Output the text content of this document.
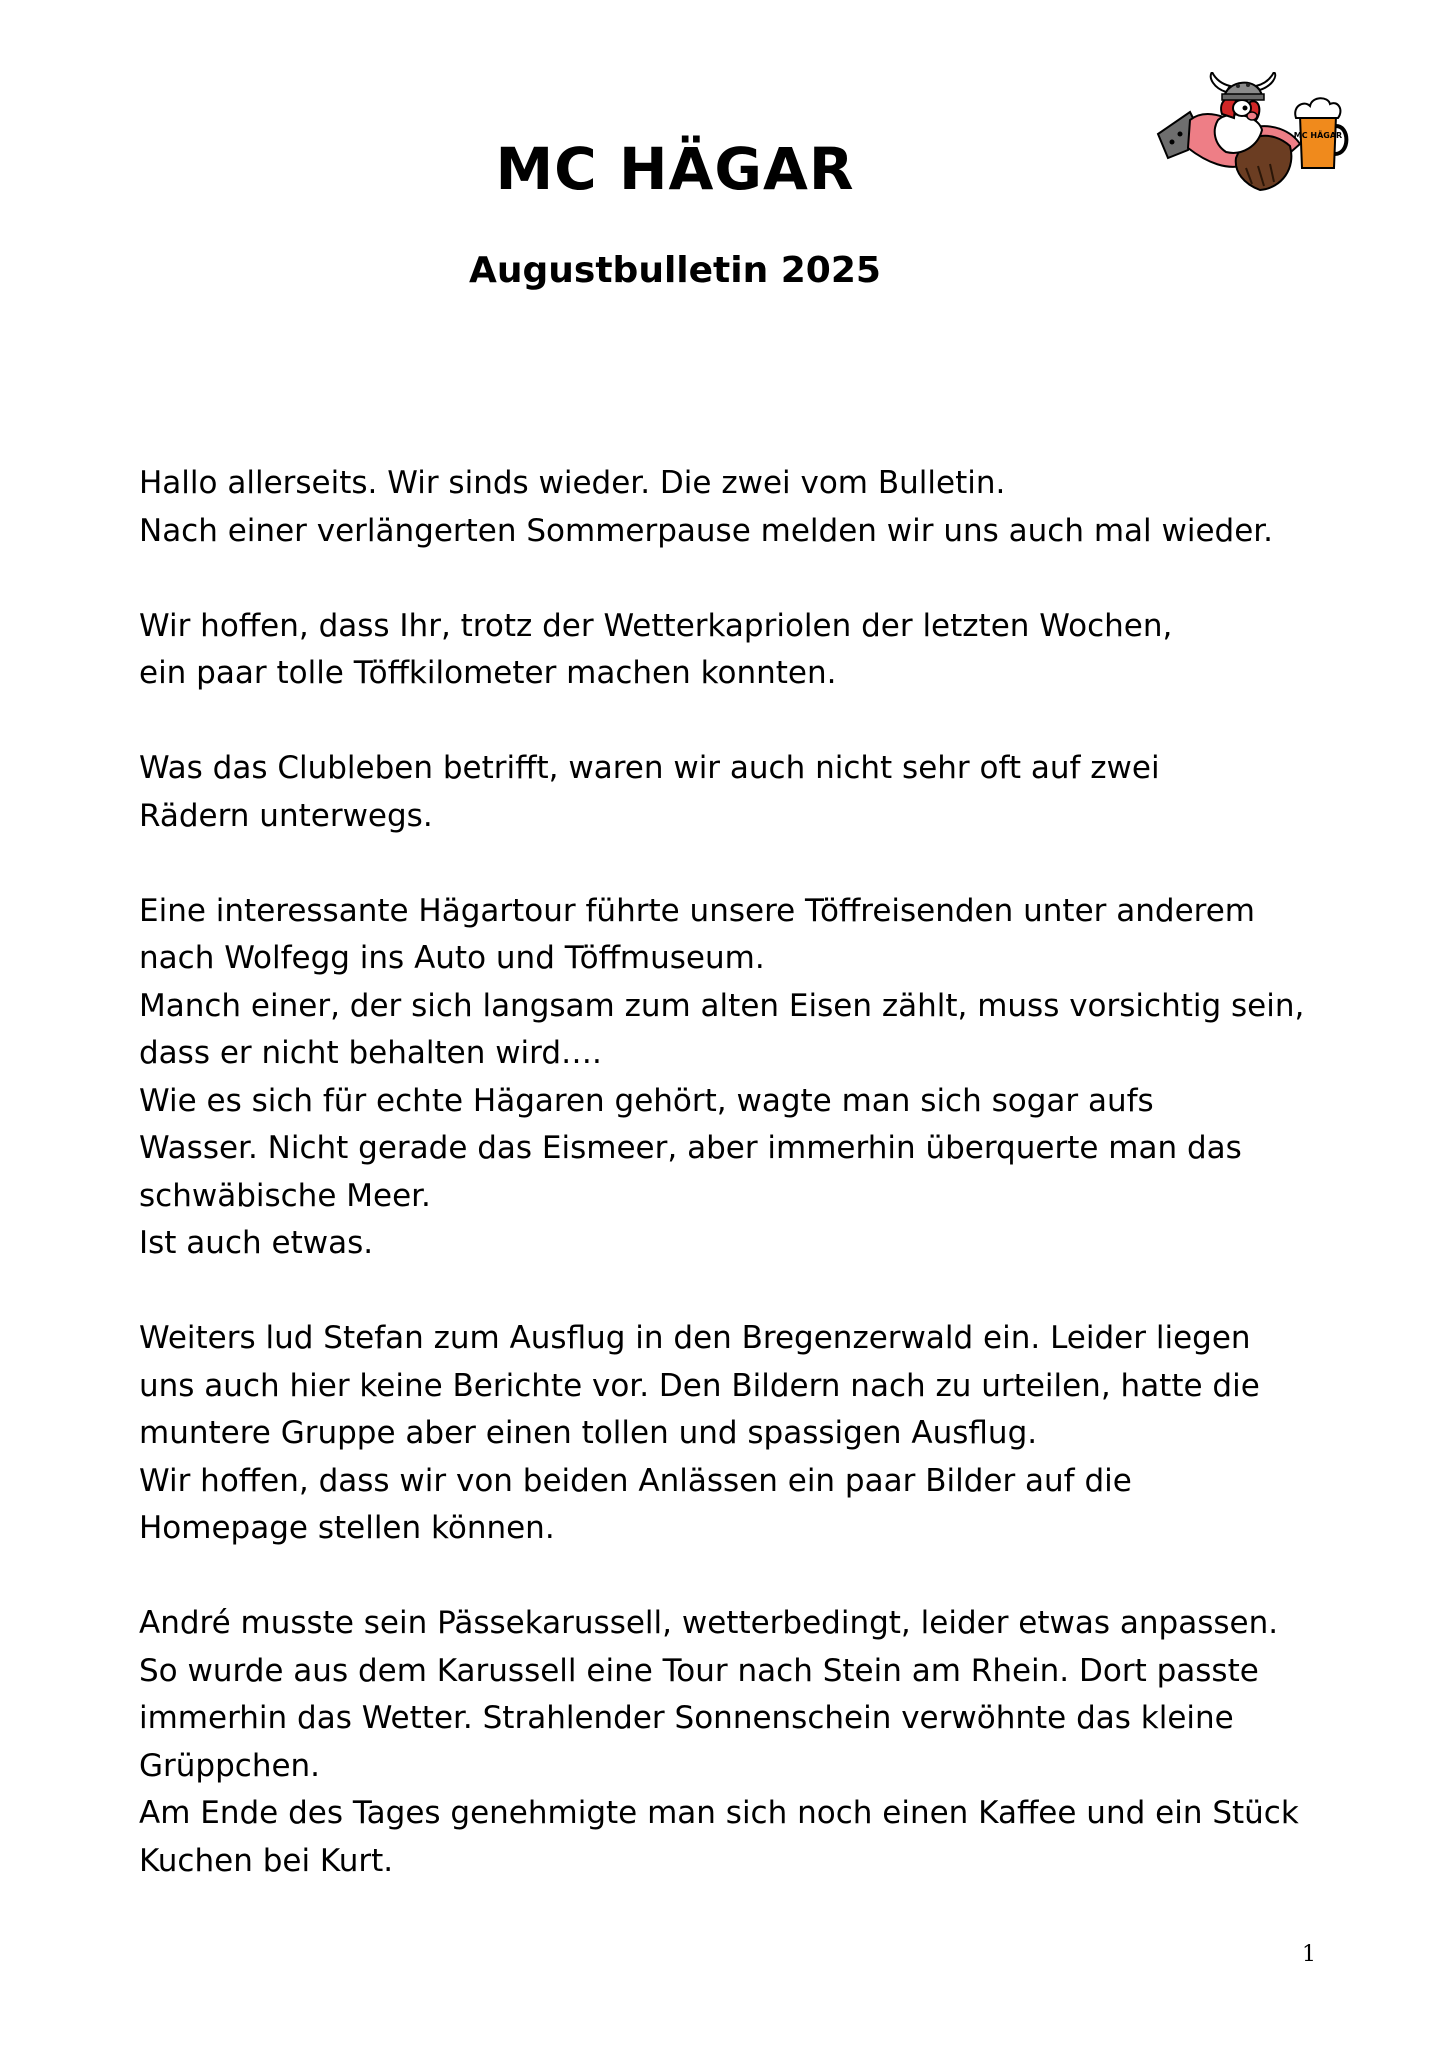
MC HÄGAR
Augustbulletin 2025
MC HÄGAR

Hallo allerseits. Wir sinds wieder. Die zwei vom Bulletin.
Nach einer verlängerten Sommerpause melden wir uns auch mal wieder.

Wir hoffen, dass Ihr, trotz der Wetterkapriolen der letzten Wochen,
ein paar tolle Töffkilometer machen konnten.

Was das Clubleben betrifft, waren wir auch nicht sehr oft auf zwei
Rädern unterwegs.

Eine interessante Hägartour führte unsere Töffreisenden unter anderem
nach Wolfegg ins Auto und Töffmuseum.
Manch einer, der sich langsam zum alten Eisen zählt, muss vorsichtig sein,
dass er nicht behalten wird….
Wie es sich für echte Hägaren gehört, wagte man sich sogar aufs
Wasser. Nicht gerade das Eismeer, aber immerhin überquerte man das
schwäbische Meer.
Ist auch etwas.

Weiters lud Stefan zum Ausflug in den Bregenzerwald ein. Leider liegen
uns auch hier keine Berichte vor. Den Bildern nach zu urteilen, hatte die
muntere Gruppe aber einen tollen und spassigen Ausflug.
Wir hoffen, dass wir von beiden Anlässen ein paar Bilder auf die
Homepage stellen können.

André musste sein Pässekarussell, wetterbedingt, leider etwas anpassen.
So wurde aus dem Karussell eine Tour nach Stein am Rhein. Dort passte
immerhin das Wetter. Strahlender Sonnenschein verwöhnte das kleine
Grüppchen.
Am Ende des Tages genehmigte man sich noch einen Kaffee und ein Stück
Kuchen bei Kurt.

1
